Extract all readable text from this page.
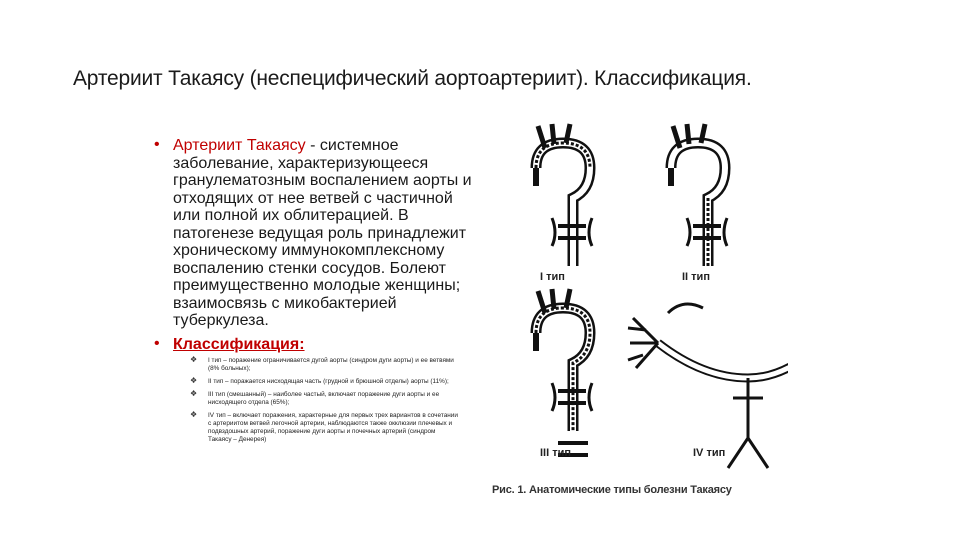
Артериит Такаясу (неспецифический аортоартериит). Классификация.
• Артериит Такаясу - системное заболевание, характеризующееся гранулематозным воспалением аорты и отходящих от нее ветвей с частичной или полной их облитерацией. В патогенезе ведущая роль принадлежит хроническому иммунокомплексному воспалению стенки сосудов. Болеют преимущественно молодые женщины; взаимосвязь с микобактерией туберкулеза.
• Классификация:
❖ I тип – поражение ограничивается дугой аорты (синдром дуги аорты) и ее ветвями (8% больных);
❖ II тип – поражается нисходящая часть (грудной и брюшной отделы) аорты (11%);
❖ III тип (смешанный) – наиболее частый, включает поражение дуги аорты и ее нисходящего отдела (65%);
❖ IV тип – включает поражения, характерные для первых трех вариантов в сочетании с артериитом ветвей легочной артерии, наблюдаются также окклюзии плечевых и подвздошных артерий, поражение дуги аорты и почечных артерий (синдром Такаясу – Денерея)
I тип	II тип
III тип	IV тип
Рис. 1. Анатомические типы болезни Такаясу
